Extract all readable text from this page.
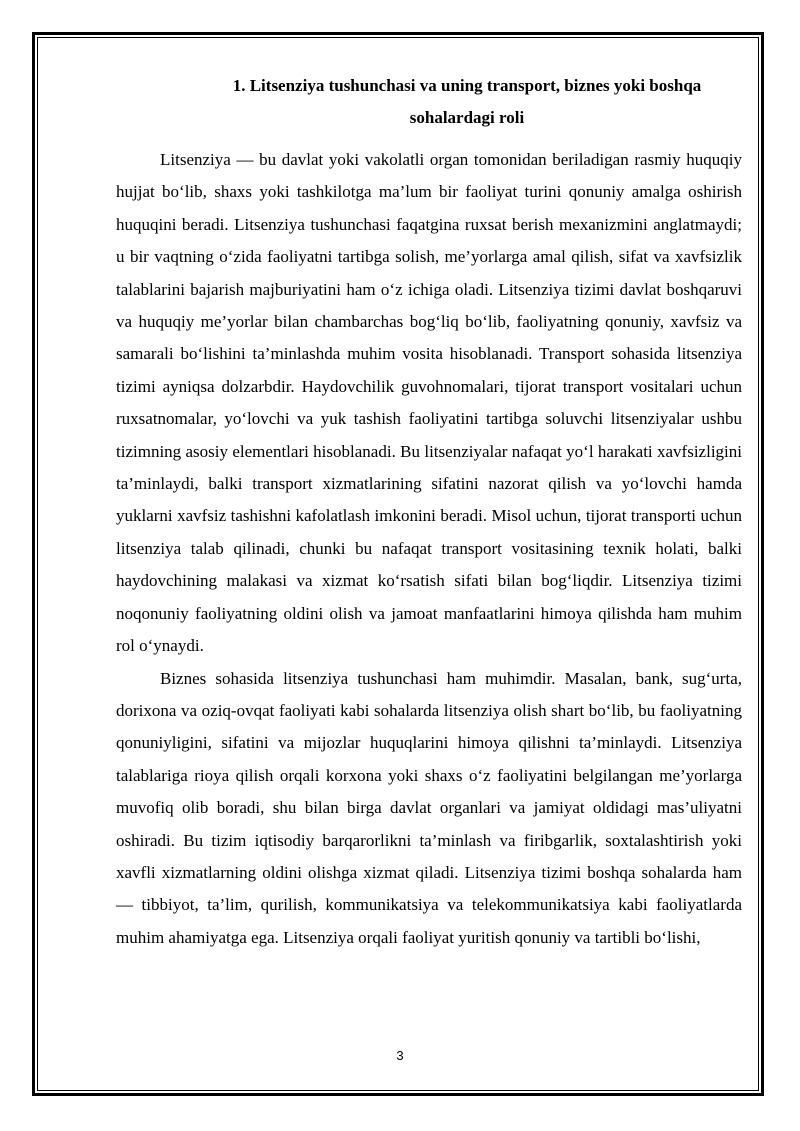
1. Litsenziya tushunchasi va uning transport, biznes yoki boshqa sohalardagi roli

Litsenziya — bu davlat yoki vakolatli organ tomonidan beriladigan rasmiy huquqiy hujjat bo‘lib, shaxs yoki tashkilotga ma’lum bir faoliyat turini qonuniy amalga oshirish huquqini beradi. Litsenziya tushunchasi faqatgina ruxsat berish mexanizmini anglatmaydi; u bir vaqtning o‘zida faoliyatni tartibga solish, me’yorlarga amal qilish, sifat va xavfsizlik talablarini bajarish majburiyatini ham o‘z ichiga oladi. Litsenziya tizimi davlat boshqaruvi va huquqiy me’yorlar bilan chambarchas bog‘liq bo‘lib, faoliyatning qonuniy, xavfsiz va samarali bo‘lishini ta’minlashda muhim vosita hisoblanadi. Transport sohasida litsenziya tizimi ayniqsa dolzarbdir. Haydovchilik guvohnomalari, tijorat transport vositalari uchun ruxsatnomalar, yo‘lovchi va yuk tashish faoliyatini tartibga soluvchi litsenziyalar ushbu tizimning asosiy elementlari hisoblanadi. Bu litsenziyalar nafaqat yo‘l harakati xavfsizligini ta’minlaydi, balki transport xizmatlarining sifatini nazorat qilish va yo‘lovchi hamda yuklarni xavfsiz tashishni kafolatlash imkonini beradi. Misol uchun, tijorat transporti uchun litsenziya talab qilinadi, chunki bu nafaqat transport vositasining texnik holati, balki haydovchining malakasi va xizmat ko‘rsatish sifati bilan bog‘liqdir. Litsenziya tizimi noqonuniy faoliyatning oldini olish va jamoat manfaatlarini himoya qilishda ham muhim rol o‘ynaydi.

Biznes sohasida litsenziya tushunchasi ham muhimdir. Masalan, bank, sug‘urta, dorixona va oziq-ovqat faoliyati kabi sohalarda litsenziya olish shart bo‘lib, bu faoliyatning qonuniyligini, sifatini va mijozlar huquqlarini himoya qilishni ta’minlaydi. Litsenziya talablariga rioya qilish orqali korxona yoki shaxs o‘z faoliyatini belgilangan me’yorlarga muvofiq olib boradi, shu bilan birga davlat organlari va jamiyat oldidagi mas’uliyatni oshiradi. Bu tizim iqtisodiy barqarorlikni ta’minlash va firibgarlik, soxtalashtirish yoki xavfli xizmatlarning oldini olishga xizmat qiladi. Litsenziya tizimi boshqa sohalarda ham — tibbiyot, ta’lim, qurilish, kommunikatsiya va telekommunikatsiya kabi faoliyatlarda muhim ahamiyatga ega. Litsenziya orqali faoliyat yuritish qonuniy va tartibli bo‘lishi,

3
